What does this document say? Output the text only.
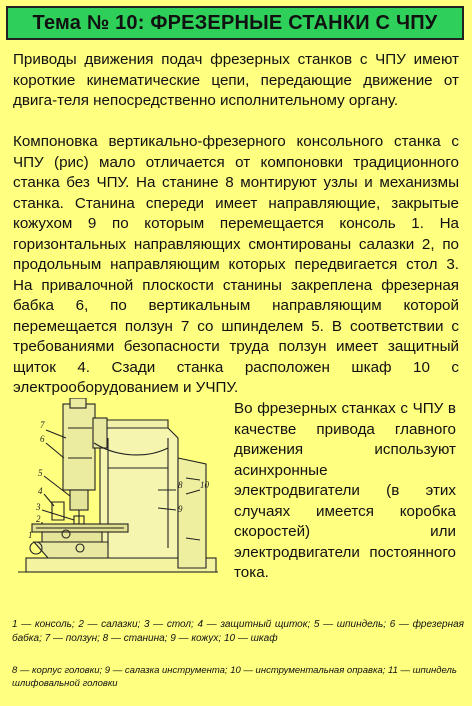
Тема № 10: ФРЕЗЕРНЫЕ СТАНКИ С ЧПУ

Приводы движения подач фрезерных станков с ЧПУ имеют короткие кинематические цепи, передающие движение от двига-теля непосредственно исполнительному органу.

Компоновка вертикально-фрезерного консольного станка с ЧПУ (рис) мало отличается от компоновки традиционного станка без ЧПУ. На станине 8 монтируют узлы и механизмы станка. Станина спереди имеет направляющие, закрытые кожухом 9 по которым перемещается консоль 1. На горизонтальных направляющих смонтированы салазки 2, по продольным направляющим которых передвигается стол 3. На привалочной плоскости станины закреплена фрезерная бабка 6, по вертикальным направляющим которой перемещается ползун 7 со шпинделем 5. В соответствии с требованиями безопасности труда ползун имеет защитный щиток 4. Сзади станка расположен шкаф 10 с электрооборудованием и УЧПУ.

7
6
5
4
3
2
1
8
9
10

Во фрезерных станках с ЧПУ в качестве привода главного движения используют асинхронные электродвигатели (в этих случаях имеется коробка скоростей) или электродвигатели постоянного тока.

1 — консоль; 2 — салазки; 3 — стол; 4 — защитный щиток; 5 — шпиндель; 6 — фрезерная бабка; 7 — ползун; 8 — станина; 9 — кожух; 10 — шкаф

8 — корпус головки; 9 — салазка инструмента; 10 — инструментальная оправка; 11 — шпиндель шлифовальной головки
